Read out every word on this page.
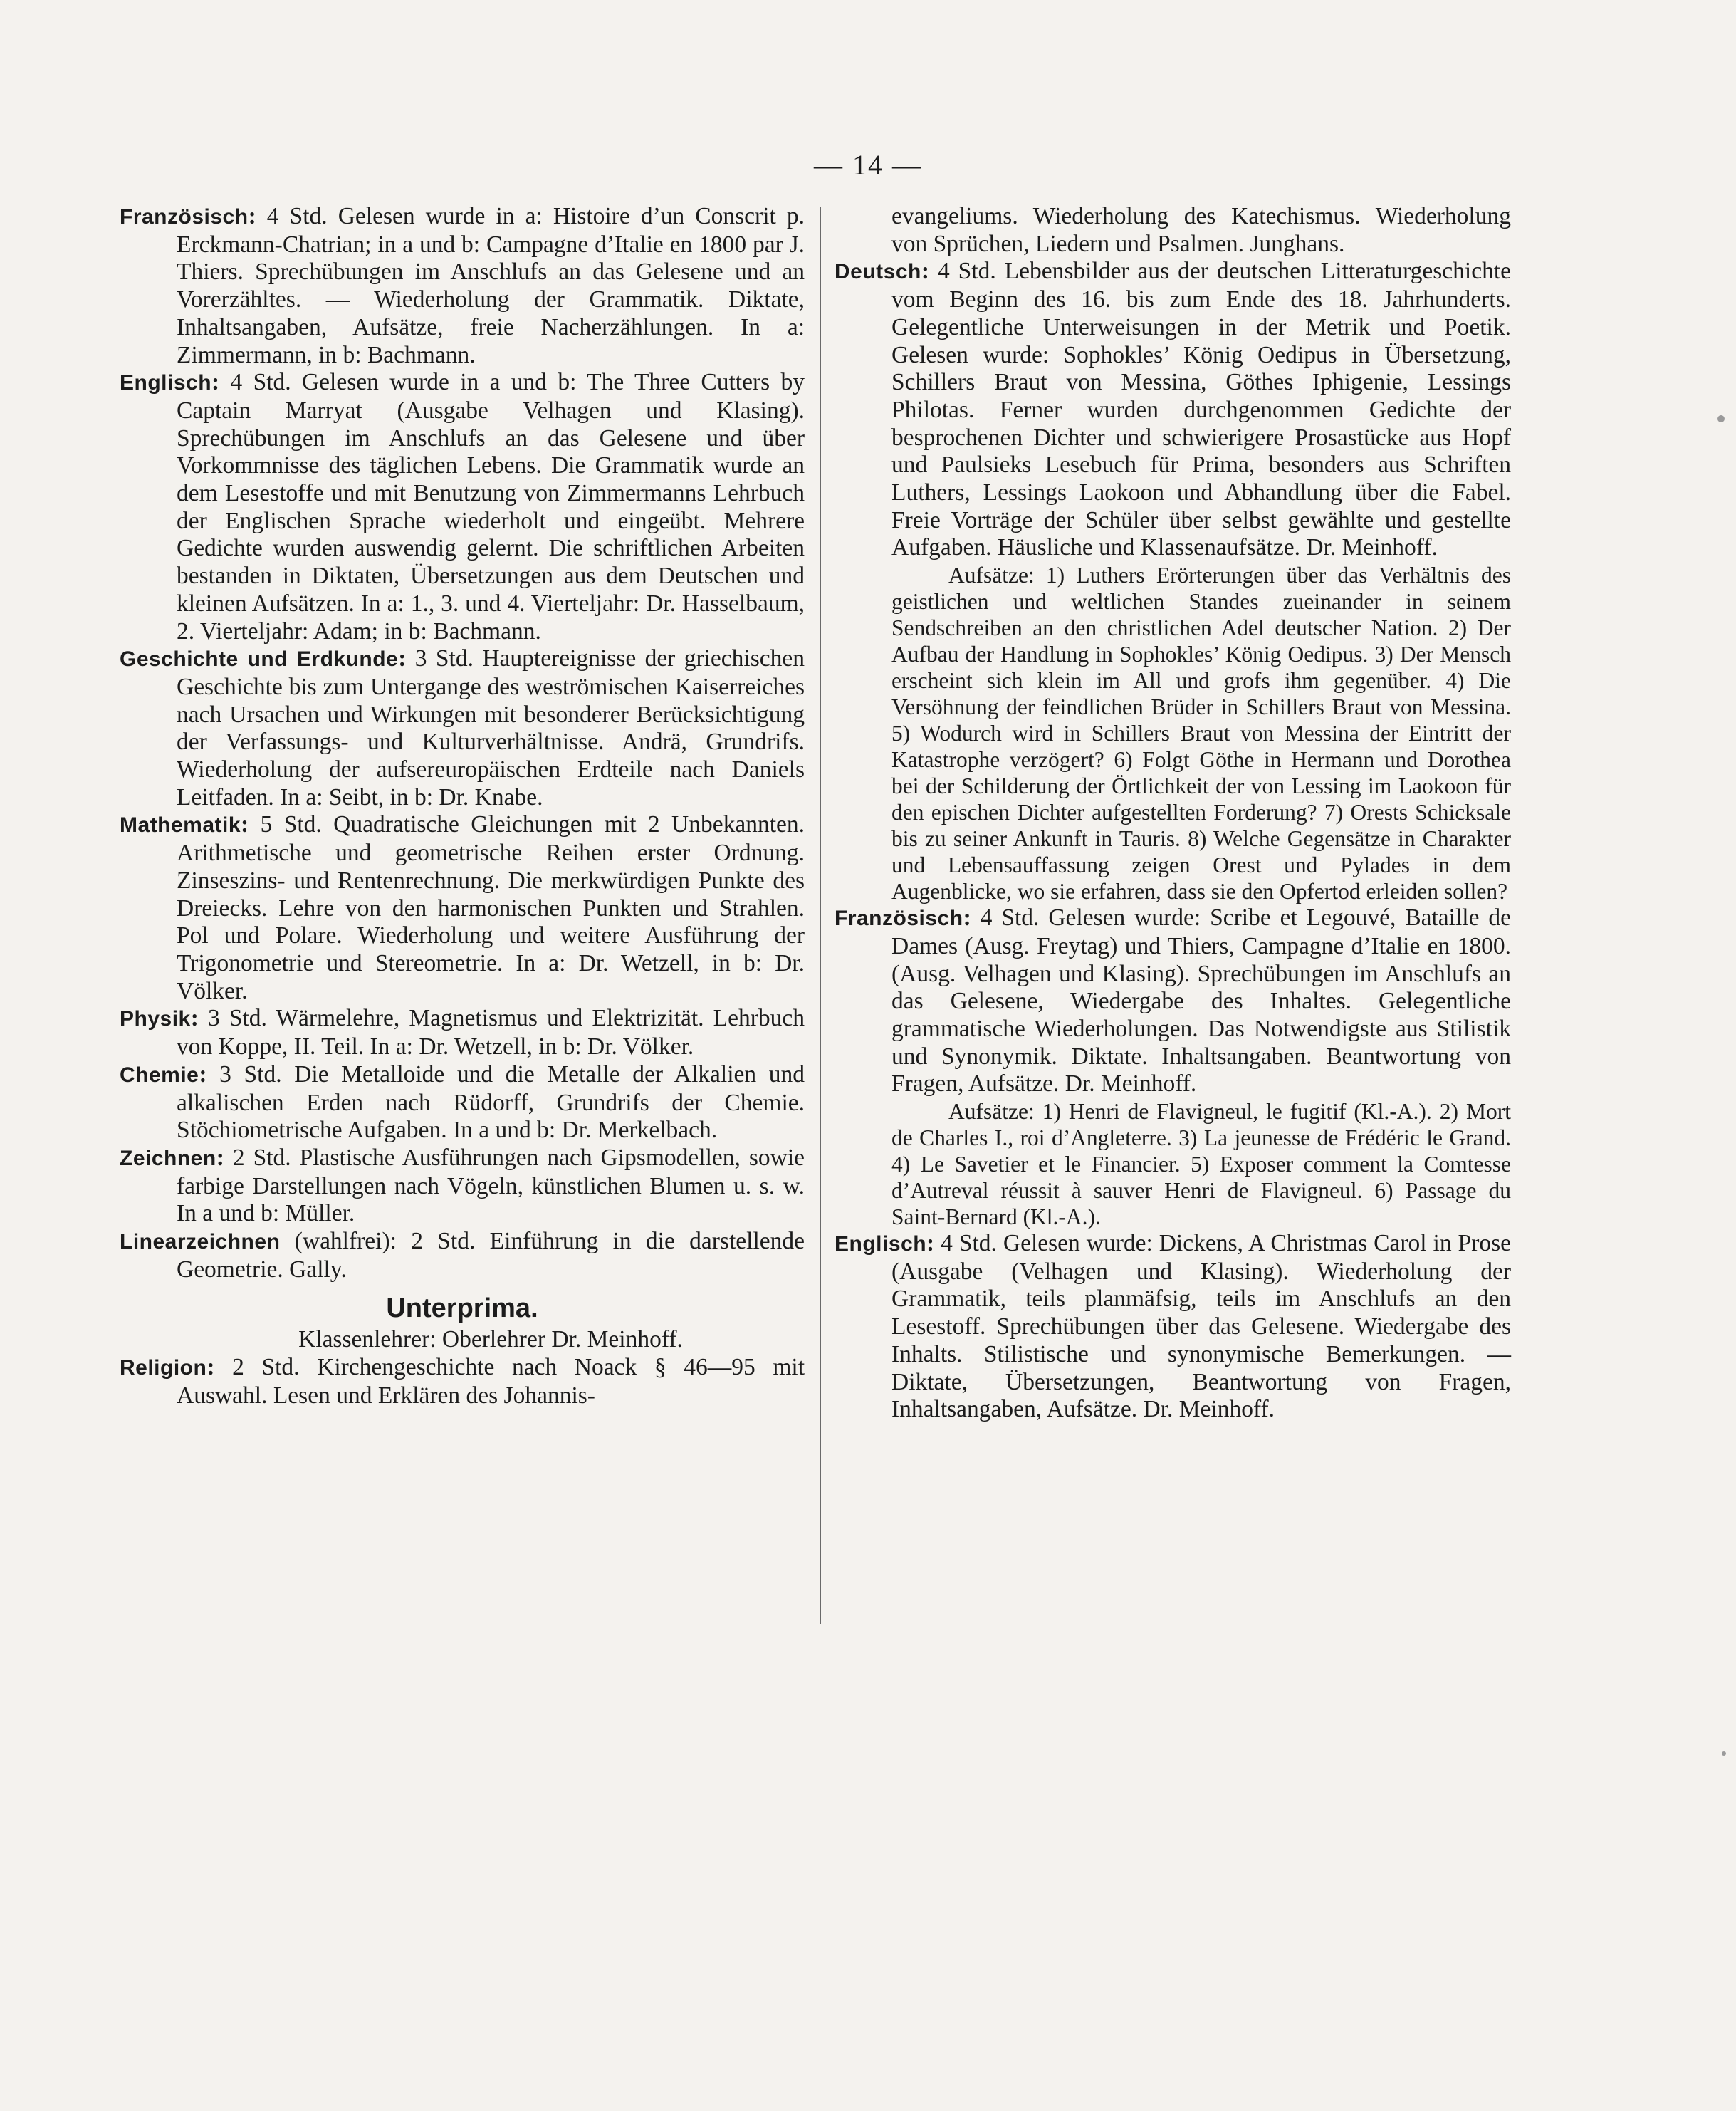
— 14 —

Französisch: 4 Std. Gelesen wurde in a: Histoire d’un Conscrit p. Erckmann-Chatrian; in a und b: Campagne d’Italie en 1800 par J. Thiers. Sprechübungen im Anschlufs an das Gelesene und an Vorerzähltes. — Wiederholung der Grammatik. Diktate, Inhaltsangaben, Aufsätze, freie Nacherzählungen. In a: Zimmermann, in b: Bachmann.

Englisch: 4 Std. Gelesen wurde in a und b: The Three Cutters by Captain Marryat (Ausgabe Velhagen und Klasing). Sprechübungen im Anschlufs an das Gelesene und über Vorkommnisse des täglichen Lebens. Die Grammatik wurde an dem Lesestoffe und mit Benutzung von Zimmermanns Lehrbuch der Englischen Sprache wiederholt und eingeübt. Mehrere Gedichte wurden auswendig gelernt. Die schriftlichen Arbeiten bestanden in Diktaten, Übersetzungen aus dem Deutschen und kleinen Aufsätzen. In a: 1., 3. und 4. Vierteljahr: Dr. Hasselbaum, 2. Vierteljahr: Adam; in b: Bachmann.

Geschichte und Erdkunde: 3 Std. Hauptereignisse der griechischen Geschichte bis zum Untergange des weströmischen Kaiserreiches nach Ursachen und Wirkungen mit besonderer Berücksichtigung der Verfassungs- und Kulturverhältnisse. Andrä, Grundrifs. Wiederholung der aufsereuropäischen Erdteile nach Daniels Leitfaden. In a: Seibt, in b: Dr. Knabe.

Mathematik: 5 Std. Quadratische Gleichungen mit 2 Unbekannten. Arithmetische und geometrische Reihen erster Ordnung. Zinseszins- und Rentenrechnung. Die merkwürdigen Punkte des Dreiecks. Lehre von den harmonischen Punkten und Strahlen. Pol und Polare. Wiederholung und weitere Ausführung der Trigonometrie und Stereometrie. In a: Dr. Wetzell, in b: Dr. Völker.

Physik: 3 Std. Wärmelehre, Magnetismus und Elektrizität. Lehrbuch von Koppe, II. Teil. In a: Dr. Wetzell, in b: Dr. Völker.

Chemie: 3 Std. Die Metalloide und die Metalle der Alkalien und alkalischen Erden nach Rüdorff, Grundrifs der Chemie. Stöchiometrische Aufgaben. In a und b: Dr. Merkelbach.

Zeichnen: 2 Std. Plastische Ausführungen nach Gipsmodellen, sowie farbige Darstellungen nach Vögeln, künstlichen Blumen u. s. w. In a und b: Müller.

Linearzeichnen (wahlfrei): 2 Std. Einführung in die darstellende Geometrie. Gally.

Unterprima.

Klassenlehrer: Oberlehrer Dr. Meinhoff.

Religion: 2 Std. Kirchengeschichte nach Noack § 46—95 mit Auswahl. Lesen und Erklären des Johannis-

evangeliums. Wiederholung des Katechismus. Wiederholung von Sprüchen, Liedern und Psalmen. Junghans.

Deutsch: 4 Std. Lebensbilder aus der deutschen Litteraturgeschichte vom Beginn des 16. bis zum Ende des 18. Jahrhunderts. Gelegentliche Unterweisungen in der Metrik und Poetik. Gelesen wurde: Sophokles’ König Oedipus in Übersetzung, Schillers Braut von Messina, Göthes Iphigenie, Lessings Philotas. Ferner wurden durchgenommen Gedichte der besprochenen Dichter und schwierigere Prosastücke aus Hopf und Paulsieks Lesebuch für Prima, besonders aus Schriften Luthers, Lessings Laokoon und Abhandlung über die Fabel. Freie Vorträge der Schüler über selbst gewählte und gestellte Aufgaben. Häusliche und Klassenaufsätze. Dr. Meinhoff.

Aufsätze: 1) Luthers Erörterungen über das Verhältnis des geistlichen und weltlichen Standes zueinander in seinem Sendschreiben an den christlichen Adel deutscher Nation. 2) Der Aufbau der Handlung in Sophokles’ König Oedipus. 3) Der Mensch erscheint sich klein im All und grofs ihm gegenüber. 4) Die Versöhnung der feindlichen Brüder in Schillers Braut von Messina. 5) Wodurch wird in Schillers Braut von Messina der Eintritt der Katastrophe verzögert? 6) Folgt Göthe in Hermann und Dorothea bei der Schilderung der Örtlichkeit der von Lessing im Laokoon für den epischen Dichter aufgestellten Forderung? 7) Orests Schicksale bis zu seiner Ankunft in Tauris. 8) Welche Gegensätze in Charakter und Lebensauffassung zeigen Orest und Pylades in dem Augenblicke, wo sie erfahren, dass sie den Opfertod erleiden sollen?

Französisch: 4 Std. Gelesen wurde: Scribe et Legouvé, Bataille de Dames (Ausg. Freytag) und Thiers, Campagne d’Italie en 1800. (Ausg. Velhagen und Klasing). Sprechübungen im Anschlufs an das Gelesene, Wiedergabe des Inhaltes. Gelegentliche grammatische Wiederholungen. Das Notwendigste aus Stilistik und Synonymik. Diktate. Inhaltsangaben. Beantwortung von Fragen, Aufsätze. Dr. Meinhoff.

Aufsätze: 1) Henri de Flavigneul, le fugitif (Kl.-A.). 2) Mort de Charles I., roi d’Angleterre. 3) La jeunesse de Frédéric le Grand. 4) Le Savetier et le Financier. 5) Exposer comment la Comtesse d’Autreval réussit à sauver Henri de Flavigneul. 6) Passage du Saint-Bernard (Kl.-A.).

Englisch: 4 Std. Gelesen wurde: Dickens, A Christmas Carol in Prose (Ausgabe (Velhagen und Klasing). Wiederholung der Grammatik, teils planmäfsig, teils im Anschlufs an den Lesestoff. Sprechübungen über das Gelesene. Wiedergabe des Inhalts. Stilistische und synonymische Bemerkungen. — Diktate, Übersetzungen, Beantwortung von Fragen, Inhaltsangaben, Aufsätze. Dr. Meinhoff.
